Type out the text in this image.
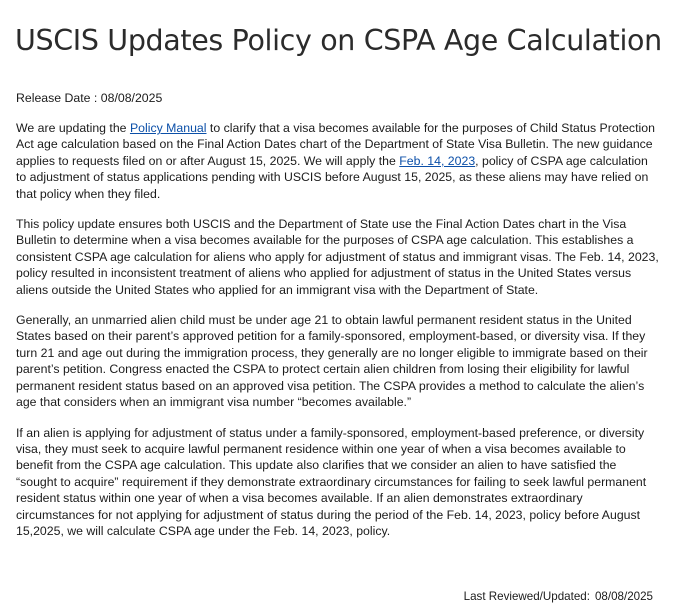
USCIS Updates Policy on CSPA Age Calculation
Release Date : 08/08/2025

We are updating the Policy Manual to clarify that a visa becomes available for the purposes of Child Status Protection Act age calculation based on the Final Action Dates chart of the Department of State Visa Bulletin. The new guidance applies to requests filed on or after August 15, 2025. We will apply the Feb. 14, 2023, policy of CSPA age calculation to adjustment of status applications pending with USCIS before August 15, 2025, as these aliens may have relied on that policy when they filed.

This policy update ensures both USCIS and the Department of State use the Final Action Dates chart in the Visa Bulletin to determine when a visa becomes available for the purposes of CSPA age calculation. This establishes a consistent CSPA age calculation for aliens who apply for adjustment of status and immigrant visas. The Feb. 14, 2023, policy resulted in inconsistent treatment of aliens who applied for adjustment of status in the United States versus aliens outside the United States who applied for an immigrant visa with the Department of State.

Generally, an unmarried alien child must be under age 21 to obtain lawful permanent resident status in the United States based on their parent’s approved petition for a family-sponsored, employment-based, or diversity visa. If they turn 21 and age out during the immigration process, they generally are no longer eligible to immigrate based on their parent’s petition. Congress enacted the CSPA to protect certain alien children from losing their eligibility for lawful permanent resident status based on an approved visa petition. The CSPA provides a method to calculate the alien’s age that considers when an immigrant visa number “becomes available.”

If an alien is applying for adjustment of status under a family-sponsored, employment-based preference, or diversity visa, they must seek to acquire lawful permanent residence within one year of when a visa becomes available to benefit from the CSPA age calculation. This update also clarifies that we consider an alien to have satisfied the “sought to acquire” requirement if they demonstrate extraordinary circumstances for failing to seek lawful permanent resident status within one year of when a visa becomes available. If an alien demonstrates extraordinary circumstances for not applying for adjustment of status during the period of the Feb. 14, 2023, policy before August 15,2025, we will calculate CSPA age under the Feb. 14, 2023, policy.

Last Reviewed/Updated: 08/08/2025
